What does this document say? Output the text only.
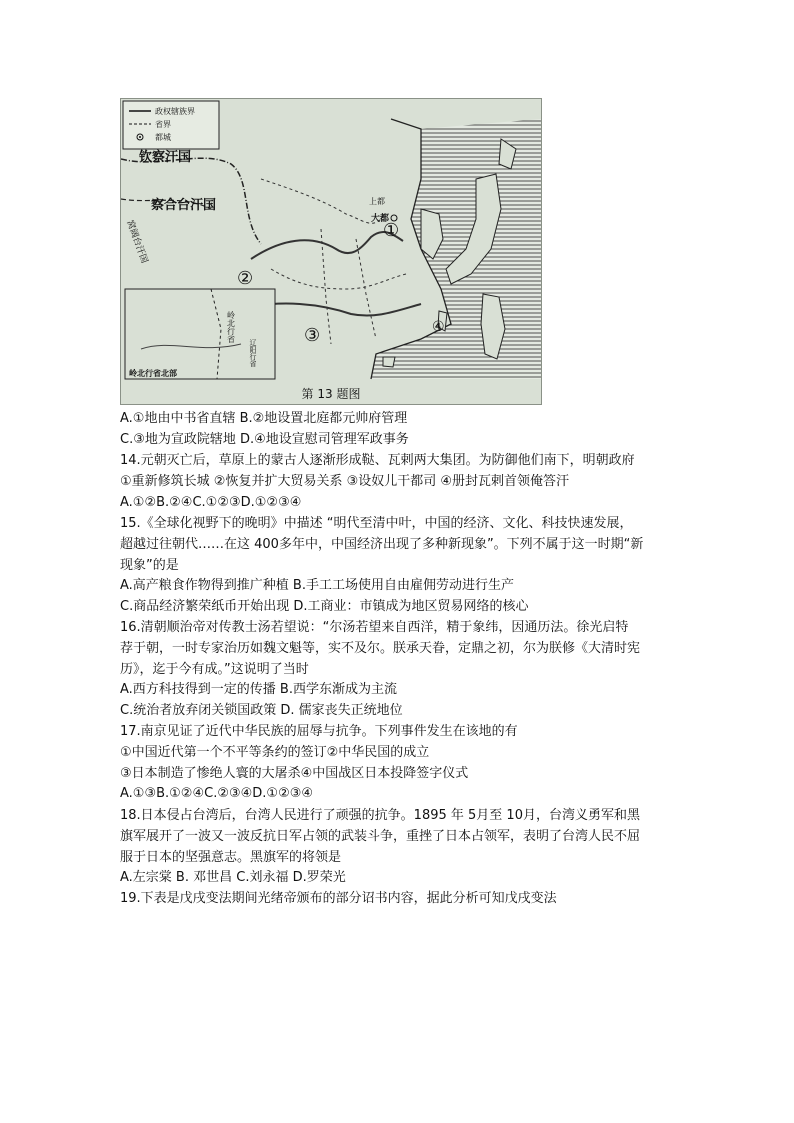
政权辖族界
省界
都城
钦察汗国
察合台汗国
窝阔台汗国
上都
大都
①
②
③	④
岭北行省
辽阳行省
岭北行省北部
第 13 题图
A.①地由中书省直辖 B.②地设置北庭都元帅府管理
C.③地为宣政院辖地 D.④地设宣慰司管理军政事务
14.元朝灭亡后，草原上的蒙古人逐渐形成鞑、瓦剌两大集团。为防御他们南下，明朝政府
①重新修筑长城 ②恢复并扩大贸易关系 ③设奴儿干都司 ④册封瓦剌首领俺答汗
A.①②B.②④C.①②③D.①②③④
15.《全球化视野下的晚明》中描述 “明代至清中叶，中国的经济、文化、科技快速发展，
超越过往朝代……在这 400多年中，中国经济出现了多种新现象”。下列不属于这一时期“新
现象”的是
A.高产粮食作物得到推广种植 B.手工工场使用自由雇佣劳动进行生产
C.商品经济繁荣纸币开始出现 D.工商业：市镇成为地区贸易网络的核心
16.清朝顺治帝对传教士汤若望说：“尔汤若望来自西洋，精于象纬，因通历法。徐光启特
荐于朝，一时专家治历如魏文魁等，实不及尔。朕承天眷，定鼎之初，尔为朕修《大清时宪
历》，迄于今有成。”这说明了当时
A.西方科技得到一定的传播 B.西学东渐成为主流
C.统治者放弃闭关锁国政策 D. 儒家丧失正统地位
17.南京见证了近代中华民族的屈辱与抗争。下列事件发生在该地的有
①中国近代第一个不平等条约的签订②中华民国的成立
③日本制造了惨绝人寰的大屠杀④中国战区日本投降签字仪式
A.①③B.①②④C.②③④D.①②③④
18.日本侵占台湾后，台湾人民进行了顽强的抗争。1895 年 5月至 10月，台湾义勇军和黑
旗军展开了一波又一波反抗日军占领的武装斗争，重挫了日本占领军，表明了台湾人民不屈
服于日本的坚强意志。黑旗军的将领是
A.左宗棠 B. 邓世昌 C.刘永福 D.罗荣光
19.下表是戊戌变法期间光绪帝颁布的部分诏书内容，据此分析可知戊戌变法
